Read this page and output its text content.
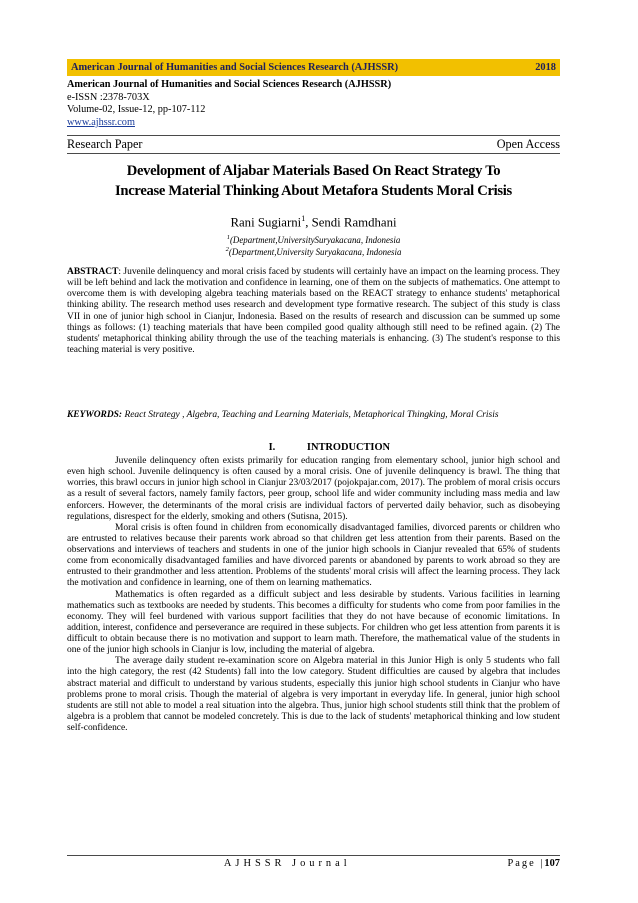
American Journal of Humanities and Social Sciences Research (AJHSSR)	2018
American Journal of Humanities and Social Sciences Research (AJHSSR)
e-ISSN :2378-703X
Volume-02, Issue-12, pp-107-112
www.ajhssr.com
Research Paper	Open Access
Development of Aljabar Materials Based On React Strategy To
Increase Material Thinking About Metafora Students Moral Crisis
Rani Sugiarni$^1$, Sendi Ramdhani
$^1$(Department,UniversitySuryakacana, Indonesia
$^2$(Department,University Suryakacana, Indonesia
ABSTRACT: Juvenile delinquency and moral crisis faced by students will certainly have an impact on the learning process. They will be left behind and lack the motivation and confidence in learning, one of them on the subjects of mathematics. One attempt to overcome them is with developing algebra teaching materials based on the REACT strategy to enhance students' metaphorical thinking ability. The research method uses research and development type formative research. The subject of this study is class VII in one of junior high school in Cianjur, Indonesia. Based on the results of research and discussion can be summed up some things as follows: (1) teaching materials that have been compiled good quality although still need to be refined again. (2) The students' metaphorical thinking ability through the use of the teaching materials is enhancing. (3) The student's response to this teaching material is very positive.
KEYWORDS: React Strategy , Algebra, Teaching and Learning Materials, Metaphorical Thingking, Moral Crisis
I.	INTRODUCTION

Juvenile delinquency often exists primarily for education ranging from elementary school, junior high school and even high school. Juvenile delinquency is often caused by a moral crisis. One of juvenile delinquency is brawl. The thing that worries, this brawl occurs in junior high school in Cianjur 23/03/2017 (pojokpajar.com, 2017). The problem of moral crisis occurs as a result of several factors, namely family factors, peer group, school life and wider community including mass media and law enforcers. However, the determinants of the moral crisis are individual factors of perverted daily behavior, such as disobeying regulations, disrespect for the elderly, smoking and others (Sutisna, 2015).

Moral crisis is often found in children from economically disadvantaged families, divorced parents or children who are entrusted to relatives because their parents work abroad so that children get less attention from their parents. Based on the observations and interviews of teachers and students in one of the junior high schools in Cianjur revealed that 65% of students come from economically disadvantaged families and have divorced parents or abandoned by parents to work abroad so they are entrusted to their grandmother and less attention. Problems of the students' moral crisis will affect the learning process. They lack the motivation and confidence in learning, one of them on learning mathematics.

Mathematics is often regarded as a difficult subject and less desirable by students. Various facilities in learning mathematics such as textbooks are needed by students. This becomes a difficulty for students who come from poor families in the economy. They will feel burdened with various support facilities that they do not have because of economic limitations. In addition, interest, confidence and perseverance are required in these subjects. For children who get less attention from parents it is difficult to obtain because there is no motivation and support to learn math. Therefore, the mathematical value of the students in one of the junior high schools in Cianjur is low, including the material of algebra.

The average daily student re-examination score on Algebra material in this Junior High is only 5 students who fall into the high category, the rest (42 Students) fall into the low category. Student difficulties are caused by algebra that includes abstract material and difficult to understand by various students, especially this junior high school students in Cianjur who have problems prone to moral crisis. Though the material of algebra is very important in everyday life. In general, junior high school students are still not able to model a real situation into the algebra. Thus, junior high school students still think that the problem of algebra is a problem that cannot be modeled concretely. This is due to the lack of students' metaphorical thinking and low student self-confidence.

AJHSSR Journal	Page | 107
